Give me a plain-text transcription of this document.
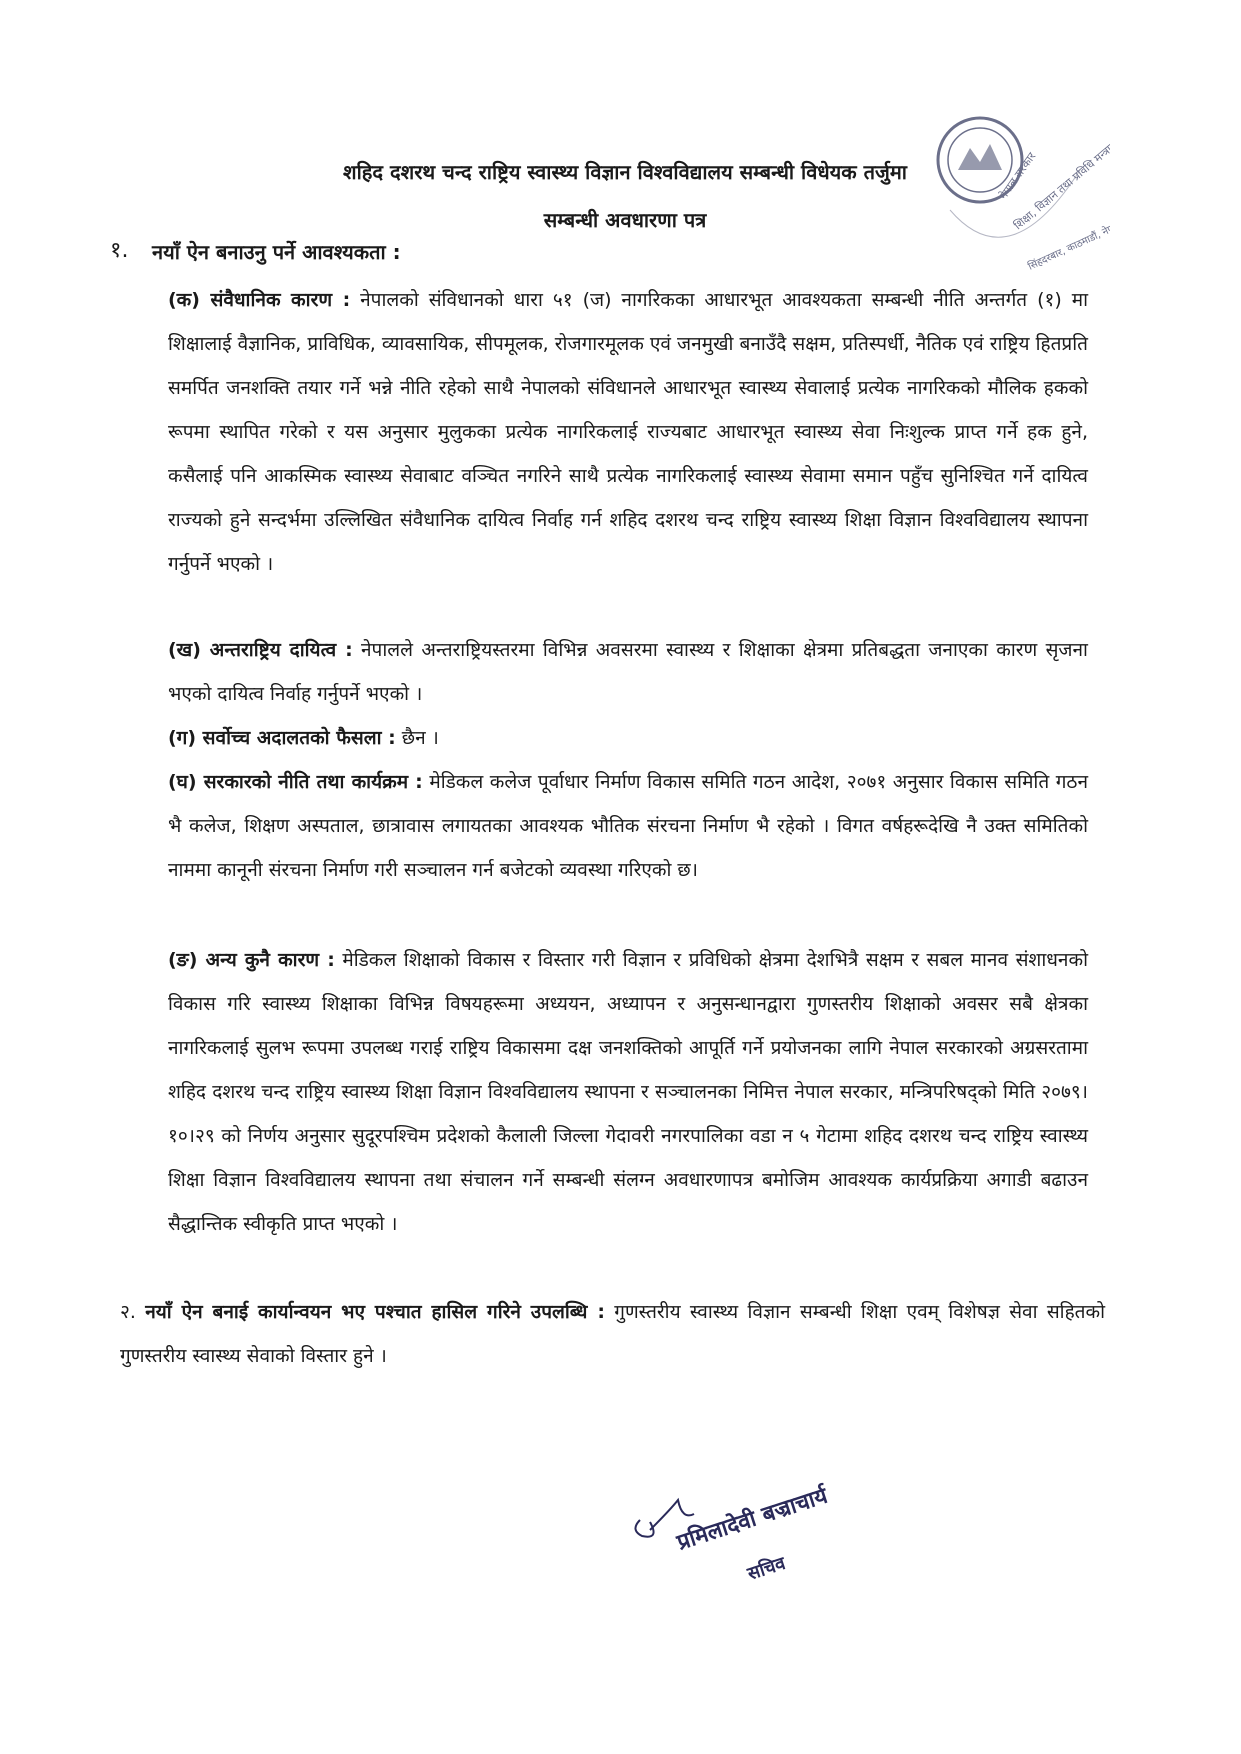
शहिद दशरथ चन्द राष्ट्रिय स्वास्थ्य विज्ञान विश्वविद्यालय सम्बन्धी विधेयक तर्जुमा
सम्बन्धी अवधारणा पत्र
नेपाल सरकार
शिक्षा, विज्ञान तथा प्रविधि मन्त्रालय
सिंहदरबार, काठमाडौं, नेपाल
१. नयाँ ऐन बनाउनु पर्ने आवश्यकता :
(क) संवैधानिक कारण : नेपालको संविधानको धारा ५१ (ज) नागरिकका आधारभूत आवश्यकता सम्बन्धी नीति अन्तर्गत (१) मा शिक्षालाई वैज्ञानिक, प्राविधिक, व्यावसायिक, सीपमूलक, रोजगारमूलक एवं जनमुखी बनाउँदै सक्षम, प्रतिस्पर्धी, नैतिक एवं राष्ट्रिय हितप्रति समर्पित जनशक्ति तयार गर्ने भन्ने नीति रहेको साथै नेपालको संविधानले आधारभूत स्वास्थ्य सेवालाई प्रत्येक नागरिकको मौलिक हकको रूपमा स्थापित गरेको र यस अनुसार मुलुकका प्रत्येक नागरिकलाई राज्यबाट आधारभूत स्वास्थ्य सेवा निःशुल्क प्राप्त गर्ने हक हुने, कसैलाई पनि आकस्मिक स्वास्थ्य सेवाबाट वञ्चित नगरिने साथै प्रत्येक नागरिकलाई स्वास्थ्य सेवामा समान पहुँच सुनिश्चित गर्ने दायित्व राज्यको हुने सन्दर्भमा उल्लिखित संवैधानिक दायित्व निर्वाह गर्न शहिद दशरथ चन्द राष्ट्रिय स्वास्थ्य शिक्षा विज्ञान विश्वविद्यालय स्थापना गर्नुपर्ने भएको ।
(ख) अन्तराष्ट्रिय दायित्व : नेपालले अन्तराष्ट्रियस्तरमा विभिन्न अवसरमा स्वास्थ्य र शिक्षाका क्षेत्रमा प्रतिबद्धता जनाएका कारण सृजना भएको दायित्व निर्वाह गर्नुपर्ने भएको ।
(ग) सर्वोच्च अदालतको फैसला : छैन ।
(घ) सरकारको नीति तथा कार्यक्रम : मेडिकल कलेज पूर्वाधार निर्माण विकास समिति गठन आदेश, २०७१ अनुसार विकास समिति गठन भै कलेज, शिक्षण अस्पताल, छात्रावास लगायतका आवश्यक भौतिक संरचना निर्माण भै रहेको । विगत वर्षहरूदेखि नै उक्त समितिको नाममा कानूनी संरचना निर्माण गरी सञ्चालन गर्न बजेटको व्यवस्था गरिएको छ।
(ङ) अन्य कुनै कारण : मेडिकल शिक्षाको विकास र विस्तार गरी विज्ञान र प्रविधिको क्षेत्रमा देशभित्रै सक्षम र सबल मानव संशाधनको विकास गरि स्वास्थ्य शिक्षाका विभिन्न विषयहरूमा अध्ययन, अध्यापन र अनुसन्धानद्वारा गुणस्तरीय शिक्षाको अवसर सबै क्षेत्रका नागरिकलाई सुलभ रूपमा उपलब्ध गराई राष्ट्रिय विकासमा दक्ष जनशक्तिको आपूर्ति गर्ने प्रयोजनका लागि नेपाल सरकारको अग्रसरतामा शहिद दशरथ चन्द राष्ट्रिय स्वास्थ्य शिक्षा विज्ञान विश्वविद्यालय स्थापना र सञ्चालनका निमित्त नेपाल सरकार, मन्त्रिपरिषद्को मिति २०७९।१०।२९ को निर्णय अनुसार सुदूरपश्चिम प्रदेशको कैलाली जिल्ला गेदावरी नगरपालिका वडा न ५ गेटामा शहिद दशरथ चन्द राष्ट्रिय स्वास्थ्य शिक्षा विज्ञान विश्वविद्यालय स्थापना तथा संचालन गर्ने सम्बन्धी संलग्न अवधारणापत्र बमोजिम आवश्यक कार्यप्रक्रिया अगाडी बढाउन सैद्धान्तिक स्वीकृति प्राप्त भएको ।
२. नयाँ ऐन बनाई कार्यान्वयन भए पश्चात हासिल गरिने उपलब्धि : गुणस्तरीय स्वास्थ्य विज्ञान सम्बन्धी शिक्षा एवम् विशेषज्ञ सेवा सहितको गुणस्तरीय स्वास्थ्य सेवाको विस्तार हुने ।
प्रमिलादेवी बज्राचार्य
सचिव
